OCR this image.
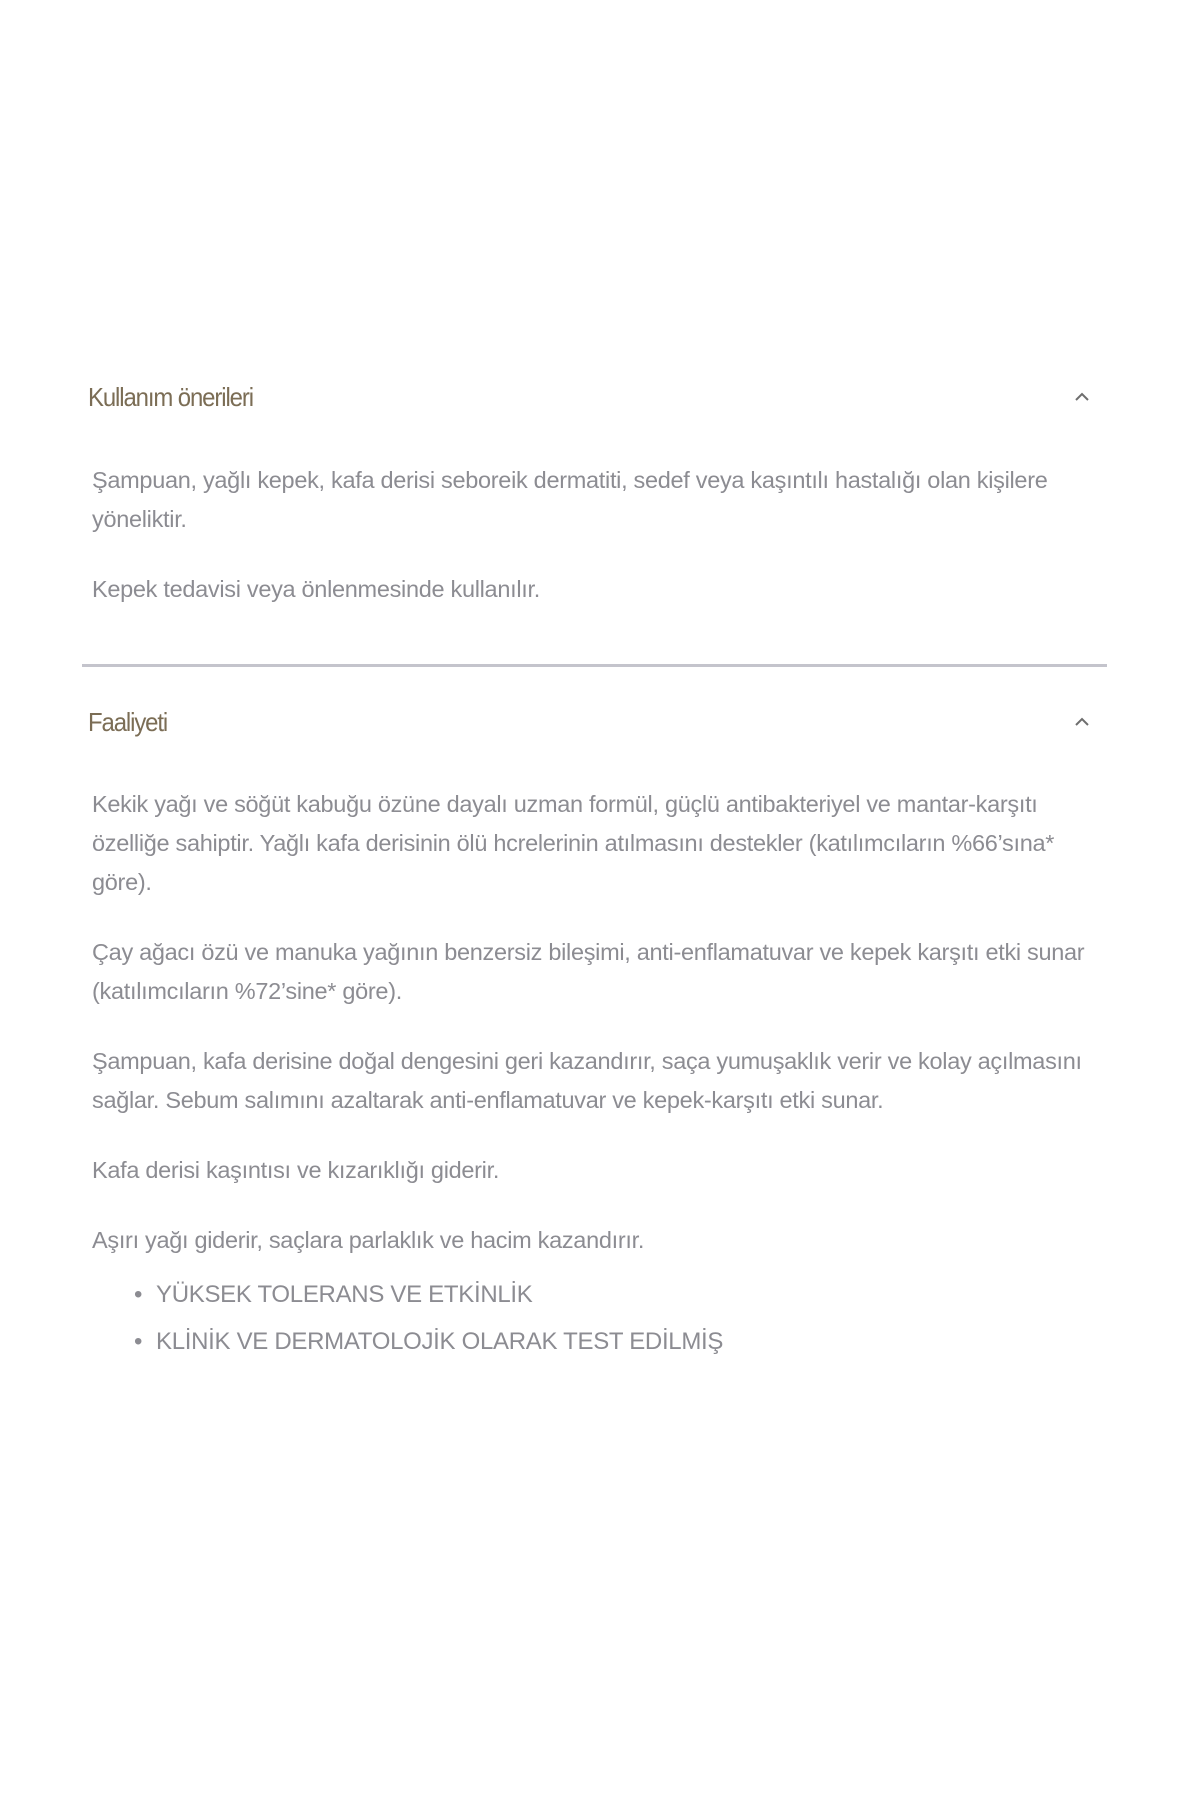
Kullanım önerileri

Şampuan, yağlı kepek, kafa derisi seboreik dermatiti, sedef veya kaşıntılı hastalığı olan kişilere yöneliktir.

Kepek tedavisi veya önlenmesinde kullanılır.

Faaliyeti

Kekik yağı ve söğüt kabuğu özüne dayalı uzman formül, güçlü antibakteriyel ve mantar-karşıtı özelliğe sahiptir. Yağlı kafa derisinin ölü hcrelerinin atılmasını destekler (katılımcıların %66’sına* göre).

Çay ağacı özü ve manuka yağının benzersiz bileşimi, anti-enflamatuvar ve kepek karşıtı etki sunar (katılımcıların %72’sine* göre).

Şampuan, kafa derisine doğal dengesini geri kazandırır, saça yumuşaklık verir ve kolay açılmasını sağlar. Sebum salımını azaltarak anti-enflamatuvar ve kepek-karşıtı etki sunar.

Kafa derisi kaşıntısı ve kızarıklığı giderir.

Aşırı yağı giderir, saçlara parlaklık ve hacim kazandırır.

• YÜKSEK TOLERANS VE ETKİNLİK
• KLİNİK VE DERMATOLOJİK OLARAK TEST EDİLMİŞ
